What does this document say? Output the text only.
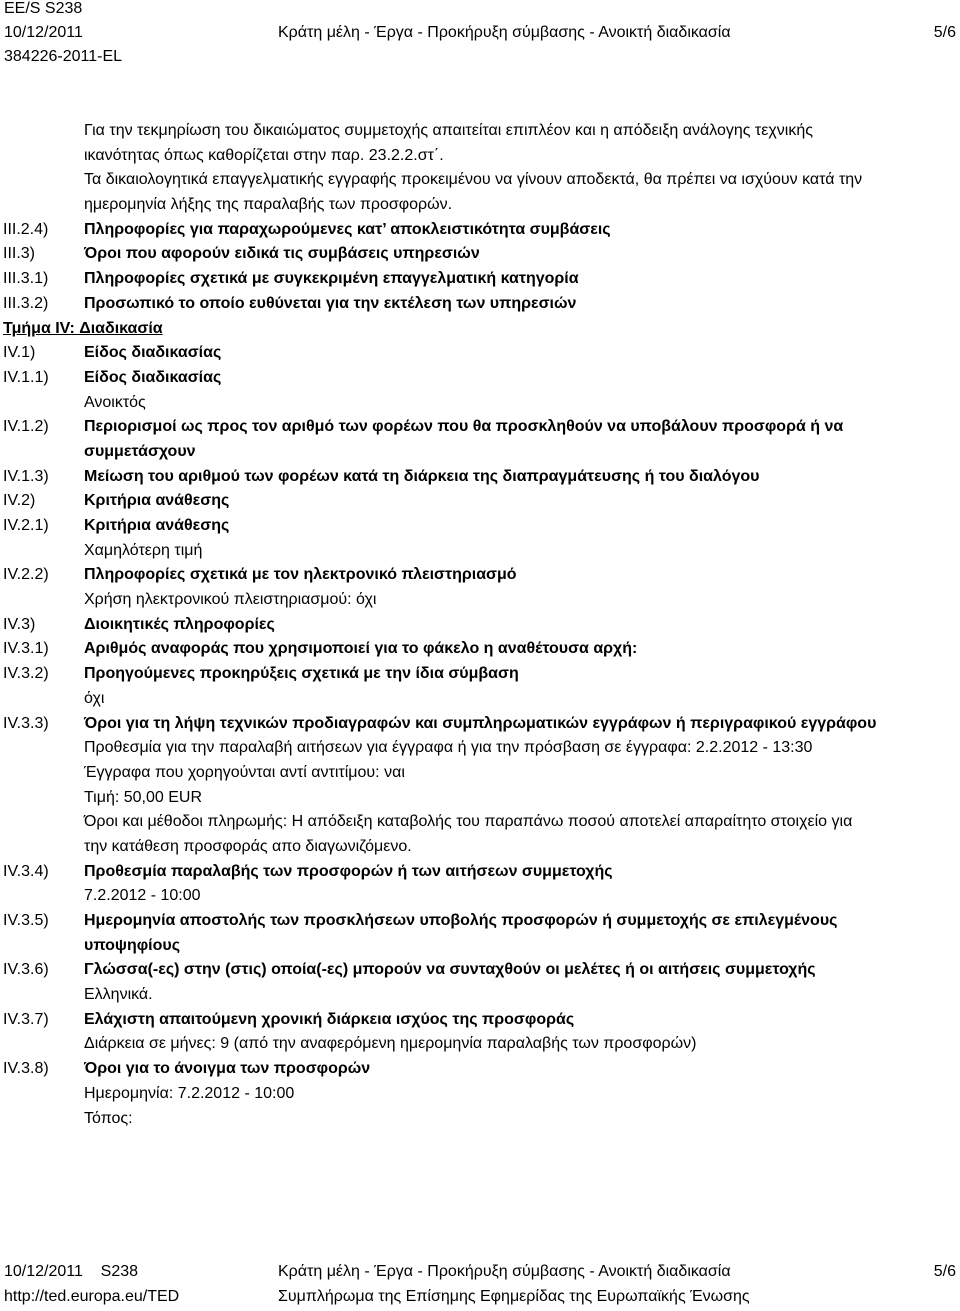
EE/S S238
10/12/2011	Κράτη μέλη - Έργα - Προκήρυξη σύμβασης - Ανοικτή διαδικασία	5/6
384226-2011-EL
Για την τεκμηρίωση του δικαιώματος συμμετοχής απαιτείται επιπλέον και η απόδειξη ανάλογης τεχνικής
ικανότητας όπως καθορίζεται στην παρ. 23.2.2.στ΄.
Τα δικαιολογητικά επαγγελματικής εγγραφής προκειμένου να γίνουν αποδεκτά, θα πρέπει να ισχύουν κατά την
ημερομηνία λήξης της παραλαβής των προσφορών.
III.2.4)	Πληροφορίες για παραχωρούμενες κατ’ αποκλειστικότητα συμβάσεις
III.3)	Όροι που αφορούν ειδικά τις συμβάσεις υπηρεσιών
III.3.1)	Πληροφορίες σχετικά με συγκεκριμένη επαγγελματική κατηγορία
III.3.2)	Προσωπικό το οποίο ευθύνεται για την εκτέλεση των υπηρεσιών
Τμήμα IV: Διαδικασία
IV.1)	Είδος διαδικασίας
IV.1.1)	Είδος διαδικασίας
Ανοικτός
IV.1.2)	Περιορισμοί ως προς τον αριθμό των φορέων που θα προσκληθούν να υποβάλουν προσφορά ή να
συμμετάσχουν
IV.1.3)	Μείωση του αριθμού των φορέων κατά τη διάρκεια της διαπραγμάτευσης ή του διαλόγου
IV.2)	Κριτήρια ανάθεσης
IV.2.1)	Κριτήρια ανάθεσης
Χαμηλότερη τιμή
IV.2.2)	Πληροφορίες σχετικά με τον ηλεκτρονικό πλειστηριασμό
Χρήση ηλεκτρονικού πλειστηριασμού: όχι
IV.3)	Διοικητικές πληροφορίες
IV.3.1)	Αριθμός αναφοράς που χρησιμοποιεί για το φάκελο η αναθέτουσα αρχή:
IV.3.2)	Προηγούμενες προκηρύξεις σχετικά με την ίδια σύμβαση
όχι
IV.3.3)	Όροι για τη λήψη τεχνικών προδιαγραφών και συμπληρωματικών εγγράφων ή περιγραφικού εγγράφου
Προθεσμία για την παραλαβή αιτήσεων για έγγραφα ή για την πρόσβαση σε έγγραφα: 2.2.2012 - 13:30
Έγγραφα που χορηγούνται αντί αντιτίμου: ναι
Τιμή: 50,00 EUR
Όροι και μέθοδοι πληρωμής: Η απόδειξη καταβολής του παραπάνω ποσού αποτελεί απαραίτητο στοιχείο για
την κατάθεση προσφοράς απο διαγωνιζόμενο.
IV.3.4)	Προθεσμία παραλαβής των προσφορών ή των αιτήσεων συμμετοχής
7.2.2012 - 10:00
IV.3.5)	Ημερομηνία αποστολής των προσκλήσεων υποβολής προσφορών ή συμμετοχής σε επιλεγμένους
υποψηφίους
IV.3.6)	Γλώσσα(-ες) στην (στις) οποία(-ες) μπορούν να συνταχθούν οι μελέτες ή οι αιτήσεις συμμετοχής
Ελληνικά.
IV.3.7)	Ελάχιστη απαιτούμενη χρονική διάρκεια ισχύος της προσφοράς
Διάρκεια σε μήνες: 9 (από την αναφερόμενη ημερομηνία παραλαβής των προσφορών)
IV.3.8)	Όροι για το άνοιγμα των προσφορών
Ημερομηνία: 7.2.2012 - 10:00
Τόπος:
10/12/2011    S238	Κράτη μέλη - Έργα - Προκήρυξη σύμβασης - Ανοικτή διαδικασία	5/6
http://ted.europa.eu/TED	Συμπλήρωμα της Επίσημης Εφημερίδας της Ευρωπαϊκής Ένωσης
